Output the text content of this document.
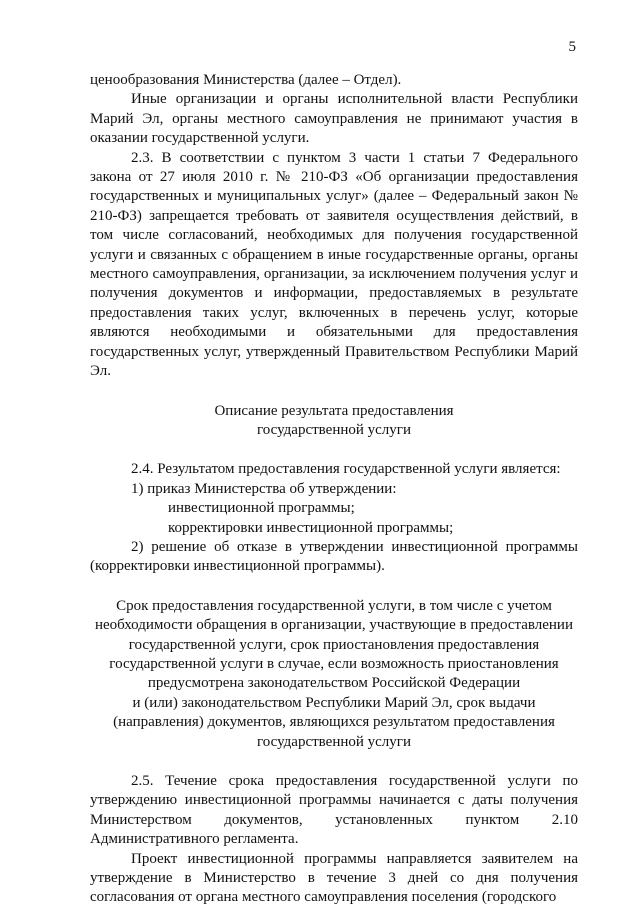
5

ценообразования Министерства (далее – Отдел).

Иные организации и органы исполнительной власти Республики Марий Эл, органы местного самоуправления не принимают участия в оказании государственной услуги.

2.3. В соответствии с пунктом 3 части 1 статьи 7 Федерального закона от 27 июля 2010 г. № 210-ФЗ «Об организации предоставления государственных и муниципальных услуг» (далее – Федеральный закон № 210-ФЗ) запрещается требовать от заявителя осуществления действий, в том числе согласований, необходимых для получения государственной услуги и связанных с обращением в иные государственные органы, органы местного самоуправления, организации, за исключением получения услуг и получения документов и информации, предоставляемых в результате предоставления таких услуг, включенных в перечень услуг, которые являются необходимыми и обязательными для предоставления государственных услуг, утвержденный Правительством Республики Марий Эл.

Описание результата предоставления

государственной услуги

2.4. Результатом предоставления государственной услуги является:

1) приказ Министерства об утверждении:

инвестиционной программы;

корректировки инвестиционной программы;

2) решение об отказе в утверждении инвестиционной программы (корректировки инвестиционной программы).

Срок предоставления государственной услуги, в том числе с учетом

необходимости обращения в организации, участвующие в предоставлении

государственной услуги, срок приостановления предоставления

государственной услуги в случае, если возможность приостановления

предусмотрена законодательством Российской Федерации

и (или) законодательством Республики Марий Эл, срок выдачи

(направления) документов, являющихся результатом предоставления

государственной услуги

2.5. Течение срока предоставления государственной услуги по утверждению инвестиционной программы начинается с даты получения Министерством документов, установленных пунктом 2.10 Административного регламента.

Проект инвестиционной программы направляется заявителем на утверждение в Министерство в течение 3 дней со дня получения согласования от органа местного самоуправления поселения (городского
